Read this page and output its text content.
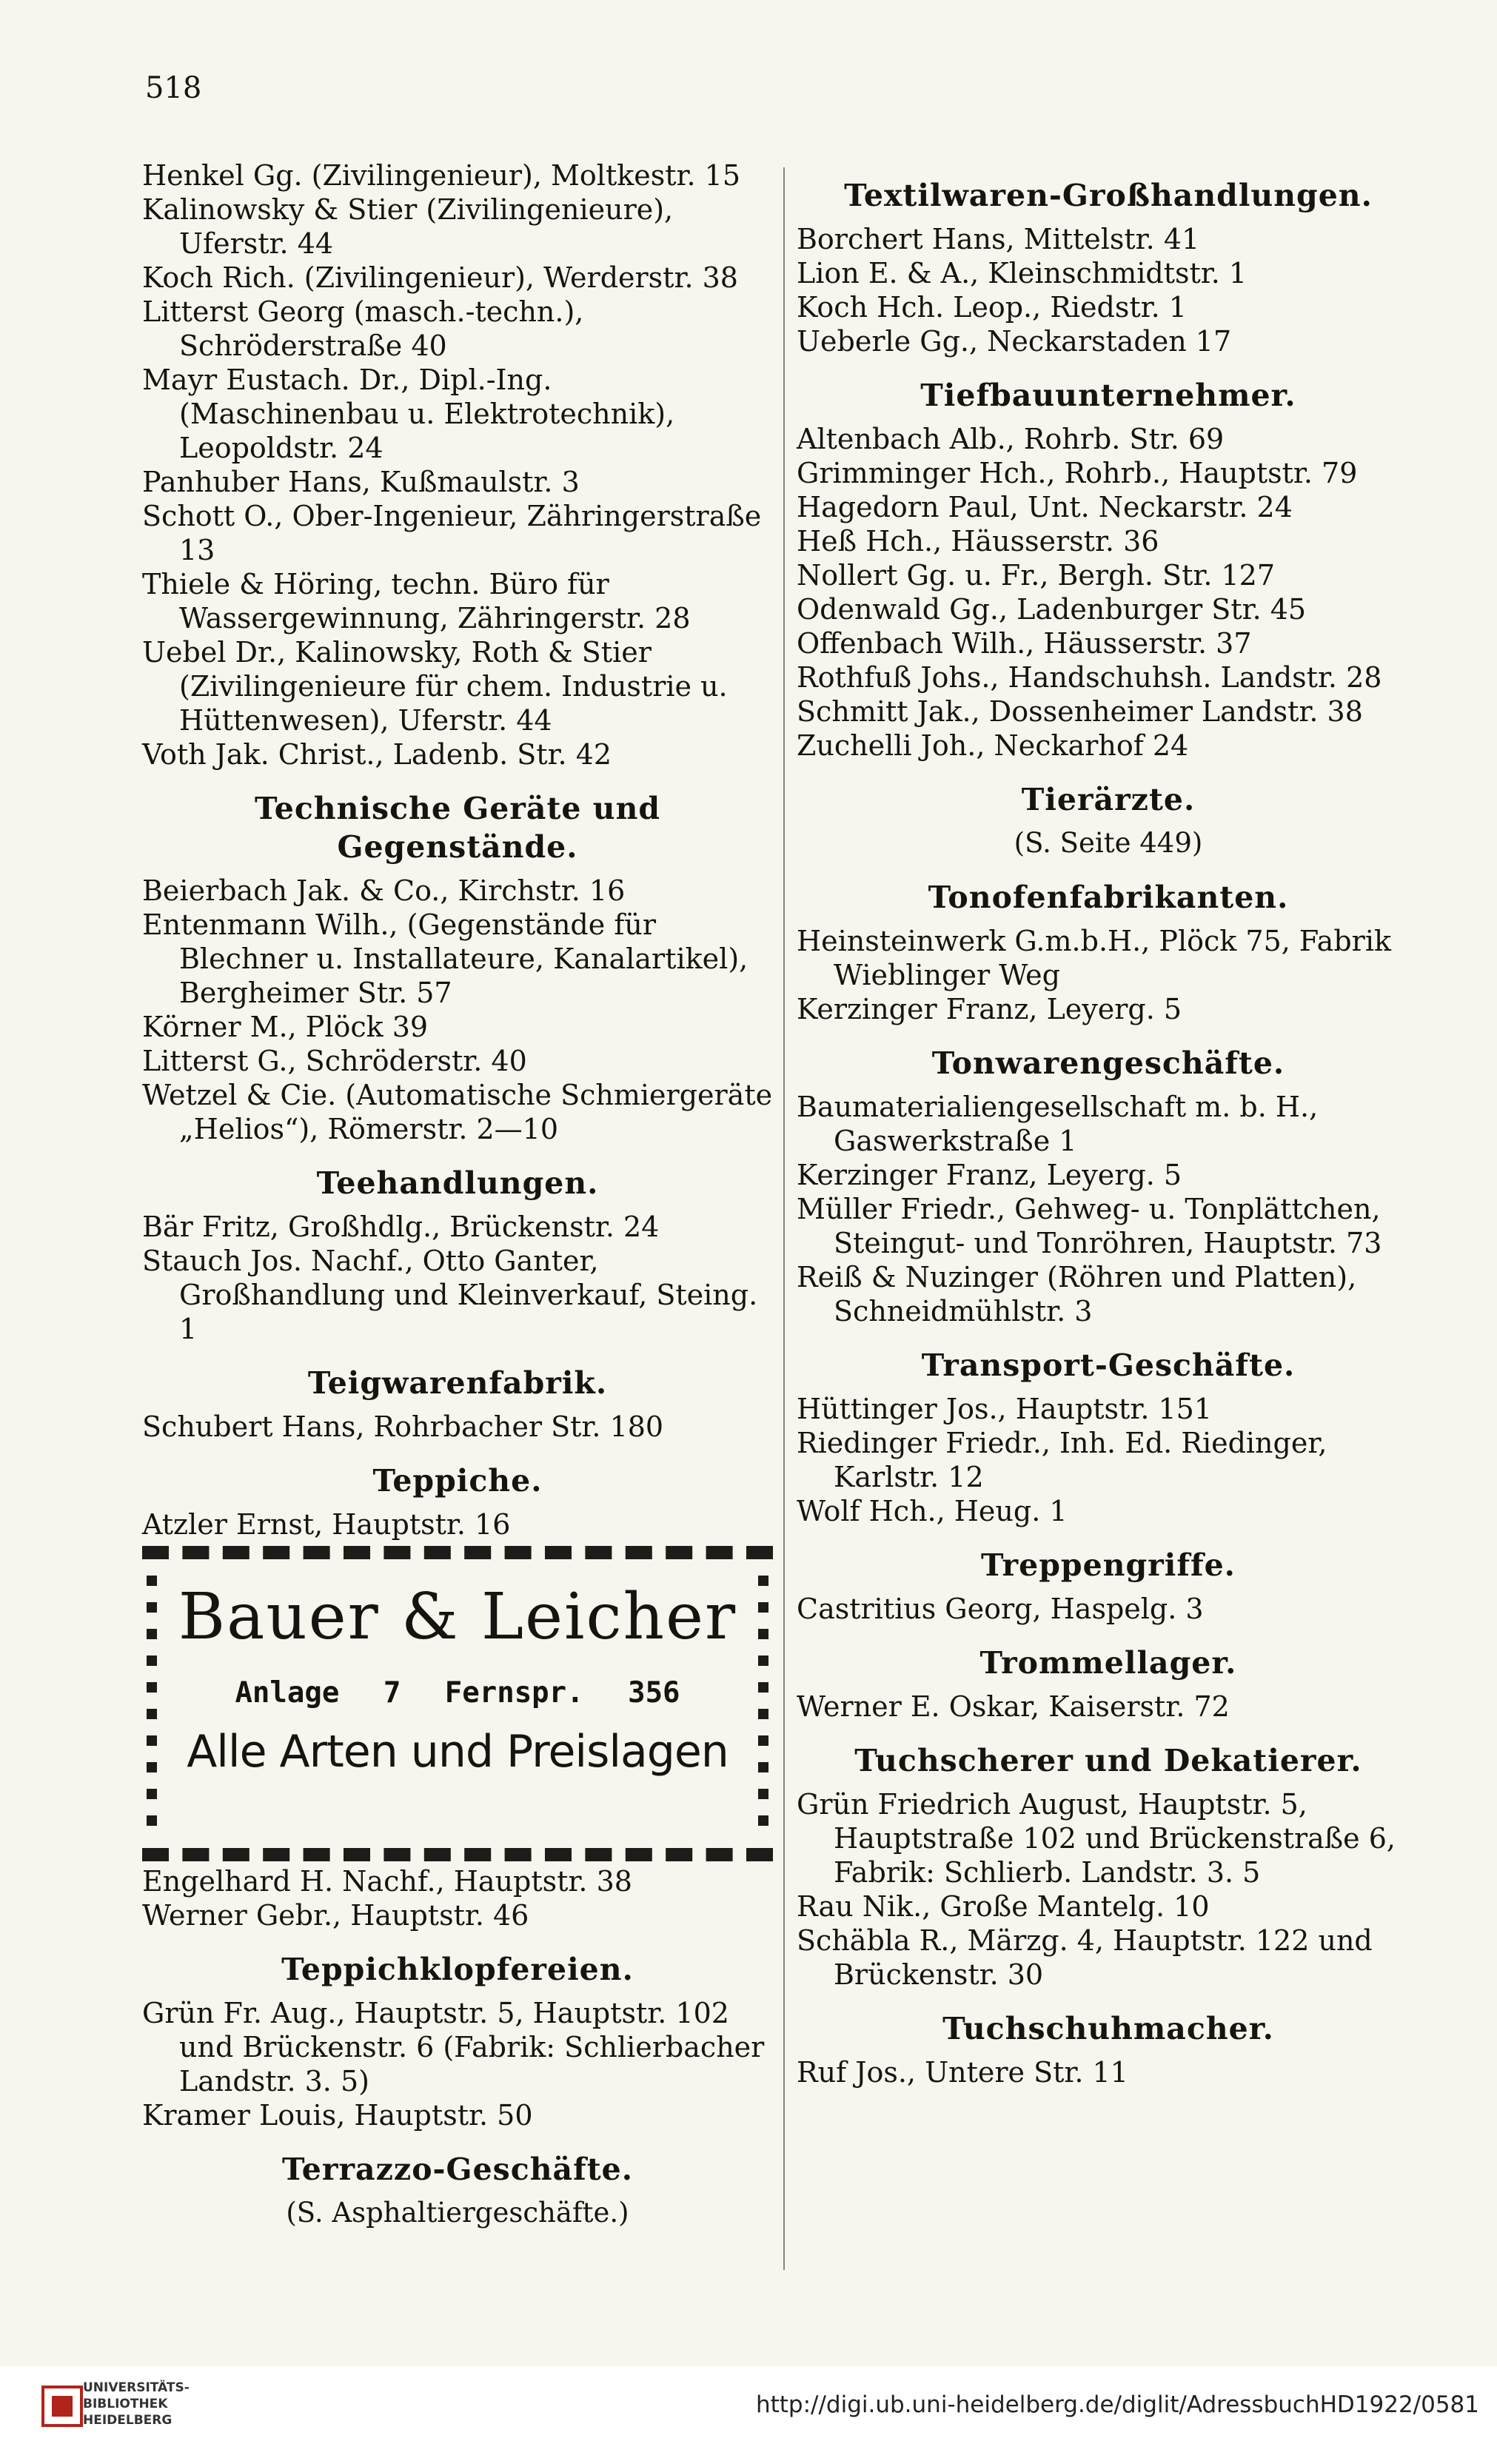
518
Henkel Gg. (Zivilingenieur), Moltkestr. 15
Kalinowsky & Stier (Zivilingenieure), Uferstr. 44
Koch Rich. (Zivilingenieur), Werderstr. 38
Litterst Georg (masch.-techn.), Schröderstraße 40
Mayr Eustach. Dr., Dipl.-Ing. (Maschinenbau u. Elektrotechnik), Leopoldstr. 24
Panhuber Hans, Kußmaulstr. 3
Schott O., Ober-Ingenieur, Zähringerstraße 13
Thiele & Höring, techn. Büro für Wassergewinnung, Zähringerstr. 28
Uebel Dr., Kalinowsky, Roth & Stier (Zivilingenieure für chem. Industrie u. Hüttenwesen), Uferstr. 44
Voth Jak. Christ., Ladenb. Str. 42
Technische Geräte und Gegenstände.
Beierbach Jak. & Co., Kirchstr. 16
Entenmann Wilh., (Gegenstände für Blechner u. Installateure, Kanalartikel), Bergheimer Str. 57
Körner M., Plöck 39
Litterst G., Schröderstr. 40
Wetzel & Cie. (Automatische Schmiergeräte „Helios“), Römerstr. 2—10
Teehandlungen.
Bär Fritz, Großhdlg., Brückenstr. 24
Stauch Jos. Nachf., Otto Ganter, Großhandlung und Kleinverkauf, Steing. 1
Teigwarenfabrik.
Schubert Hans, Rohrbacher Str. 180
Teppiche.
Atzler Ernst, Hauptstr. 16
Bauer & Leicher
Anlage 7 Fernspr. 356
Alle Arten und Preislagen
Engelhard H. Nachf., Hauptstr. 38
Werner Gebr., Hauptstr. 46
Teppichklopfereien.
Grün Fr. Aug., Hauptstr. 5, Hauptstr. 102 und Brückenstr. 6 (Fabrik: Schlierbacher Landstr. 3. 5)
Kramer Louis, Hauptstr. 50
Terrazzo-Geschäfte.
(S. Asphaltiergeschäfte.)
Textilwaren-Großhandlungen.
Borchert Hans, Mittelstr. 41
Lion E. & A., Kleinschmidtstr. 1
Koch Hch. Leop., Riedstr. 1
Ueberle Gg., Neckarstaden 17
Tiefbauunternehmer.
Altenbach Alb., Rohrb. Str. 69
Grimminger Hch., Rohrb., Hauptstr. 79
Hagedorn Paul, Unt. Neckarstr. 24
Heß Hch., Häusserstr. 36
Nollert Gg. u. Fr., Bergh. Str. 127
Odenwald Gg., Ladenburger Str. 45
Offenbach Wilh., Häusserstr. 37
Rothfuß Johs., Handschuhsh. Landstr. 28
Schmitt Jak., Dossenheimer Landstr. 38
Zuchelli Joh., Neckarhof 24
Tierärzte.
(S. Seite 449)
Tonofenfabrikanten.
Heinsteinwerk G.m.b.H., Plöck 75, Fabrik Wieblinger Weg
Kerzinger Franz, Leyerg. 5
Tonwarengeschäfte.
Baumaterialiengesellschaft m. b. H., Gaswerkstraße 1
Kerzinger Franz, Leyerg. 5
Müller Friedr., Gehweg- u. Tonplättchen, Steingut- und Tonröhren, Hauptstr. 73
Reiß & Nuzinger (Röhren und Platten), Schneidmühlstr. 3
Transport-Geschäfte.
Hüttinger Jos., Hauptstr. 151
Riedinger Friedr., Inh. Ed. Riedinger, Karlstr. 12
Wolf Hch., Heug. 1
Treppengriffe.
Castritius Georg, Haspelg. 3
Trommellager.
Werner E. Oskar, Kaiserstr. 72
Tuchscherer und Dekatierer.
Grün Friedrich August, Hauptstr. 5, Hauptstraße 102 und Brückenstraße 6, Fabrik: Schlierb. Landstr. 3. 5
Rau Nik., Große Mantelg. 10
Schäbla R., Märzg. 4, Hauptstr. 122 und Brückenstr. 30
Tuchschuhmacher.
Ruf Jos., Untere Str. 11
UNIVERSITÄTS-
BIBLIOTHEK
HEIDELBERG
http://digi.ub.uni-heidelberg.de/diglit/AdressbuchHD1922/0581
